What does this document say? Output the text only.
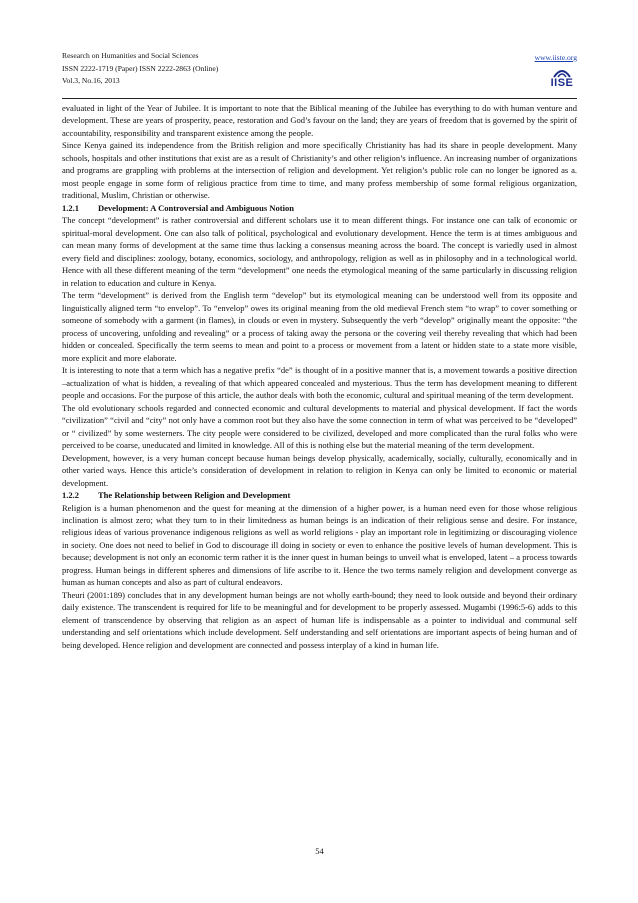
Research on Humanities and Social Sciences
ISSN 2222-1719 (Paper) ISSN 2222-2863 (Online)
Vol.3, No.16, 2013
www.iiste.org
IISE

evaluated in light of the Year of Jubilee. It is important to note that the Biblical meaning of the Jubilee has everything to do with human venture and development. These are years of prosperity, peace, restoration and God’s favour on the land; they are years of freedom that is governed by the spirit of accountability, responsibility and transparent existence among the people.

Since Kenya gained its independence from the British religion and more specifically Christianity has had its share in people development. Many schools, hospitals and other institutions that exist are as a result of Christianity’s and other religion’s influence. An increasing number of organizations and programs are grappling with problems at the intersection of religion and development. Yet religion’s public role can no longer be ignored as a. most people engage in some form of religious practice from time to time, and many profess membership of some formal religious organization, traditional, Muslim, Christian or otherwise.

1.2.1 Development: A Controversial and Ambiguous Notion

The concept “development” is rather controversial and different scholars use it to mean different things. For instance one can talk of economic or spiritual-moral development. One can also talk of political, psychological and evolutionary development. Hence the term is at times ambiguous and can mean many forms of development at the same time thus lacking a consensus meaning across the board. The concept is variedly used in almost every field and disciplines: zoology, botany, economics, sociology, and anthropology, religion as well as in philosophy and in a technological world. Hence with all these different meaning of the term “development” one needs the etymological meaning of the same particularly in discussing religion in relation to education and culture in Kenya.

The term “development” is derived from the English term “develop” but its etymological meaning can be understood well from its opposite and linguistically aligned term “to envelop”. To “envelop” owes its original meaning from the old medieval French stem “to wrap” to cover something or someone of somebody with a garment (in flames), in clouds or even in mystery. Subsequently the verb “develop” originally meant the opposite: “the process of uncovering, unfolding and revealing” or a process of taking away the persona or the covering veil thereby revealing that which had been hidden or concealed. Specifically the term seems to mean and point to a process or movement from a latent or hidden state to a state more visible, more explicit and more elaborate.

It is interesting to note that a term which has a negative prefix “de” is thought of in a positive manner that is, a movement towards a positive direction –actualization of what is hidden, a revealing of that which appeared concealed and mysterious. Thus the term has development meaning to different people and occasions. For the purpose of this article, the author deals with both the economic, cultural and spiritual meaning of the term development.

The old evolutionary schools regarded and connected economic and cultural developments to material and physical development. If fact the words “civilization” “civil and “city” not only have a common root but they also have the some connection in term of what was perceived to be “developed” or “ civilized” by some westerners. The city people were considered to be civilized, developed and more complicated than the rural folks who were perceived to be coarse, uneducated and limited in knowledge. All of this is nothing else but the material meaning of the term development.

Development, however, is a very human concept because human beings develop physically, academically, socially, culturally, economically and in other varied ways. Hence this article’s consideration of development in relation to religion in Kenya can only be limited to economic or material development.

1.2.2 The Relationship between Religion and Development

Religion is a human phenomenon and the quest for meaning at the dimension of a higher power, is a human need even for those whose religious inclination is almost zero; what they turn to in their limitedness as human beings is an indication of their religious sense and desire. For instance, religious ideas of various provenance indigenous religions as well as world religions - play an important role in legitimizing or discouraging violence in society. One does not need to belief in God to discourage ill doing in society or even to enhance the positive levels of human development. This is because; development is not only an economic term rather it is the inner quest in human beings to unveil what is enveloped, latent – a process towards progress. Human beings in different spheres and dimensions of life ascribe to it. Hence the two terms namely religion and development converge as human as human concepts and also as part of cultural endeavors.

Theuri (2001:189) concludes that in any development human beings are not wholly earth-bound; they need to look outside and beyond their ordinary daily existence. The transcendent is required for life to be meaningful and for development to be properly assessed. Mugambi (1996:5-6) adds to this element of transcendence by observing that religion as an aspect of human life is indispensable as a pointer to individual and communal self understanding and self orientations which include development. Self understanding and self orientations are important aspects of being human and of being developed. Hence religion and development are connected and possess interplay of a kind in human life.

54
